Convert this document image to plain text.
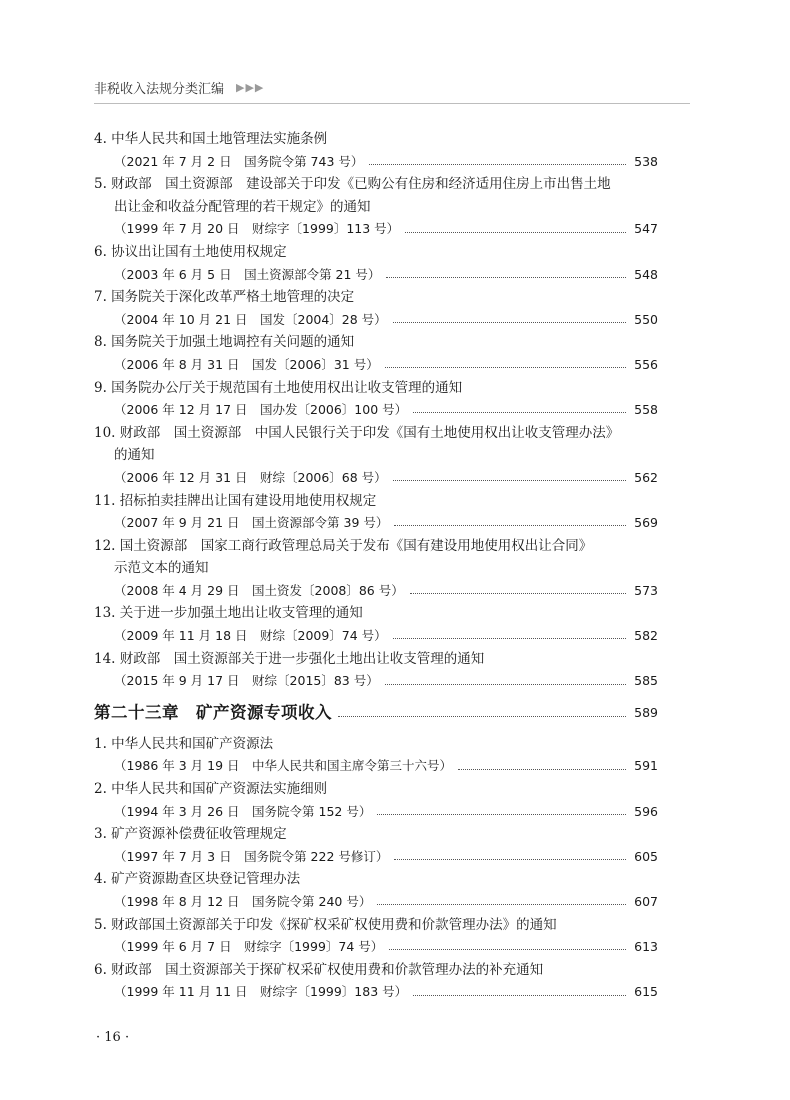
非税收入法规分类汇编 ▶▶▶
4. 中华人民共和国土地管理法实施条例
（2021 年 7 月 2 日　国务院令第 743 号）	538
5. 财政部　国土资源部　建设部关于印发《已购公有住房和经济适用住房上市出售土地
出让金和收益分配管理的若干规定》的通知
（1999 年 7 月 20 日　财综字〔1999〕113 号）	547
6. 协议出让国有土地使用权规定
（2003 年 6 月 5 日　国土资源部令第 21 号）	548
7. 国务院关于深化改革严格土地管理的决定
（2004 年 10 月 21 日　国发〔2004〕28 号）	550
8. 国务院关于加强土地调控有关问题的通知
（2006 年 8 月 31 日　国发〔2006〕31 号）	556
9. 国务院办公厅关于规范国有土地使用权出让收支管理的通知
（2006 年 12 月 17 日　国办发〔2006〕100 号）	558
10. 财政部　国土资源部　中国人民银行关于印发《国有土地使用权出让收支管理办法》
的通知
（2006 年 12 月 31 日　财综〔2006〕68 号）	562
11. 招标拍卖挂牌出让国有建设用地使用权规定
（2007 年 9 月 21 日　国土资源部令第 39 号）	569
12. 国土资源部　国家工商行政管理总局关于发布《国有建设用地使用权出让合同》
示范文本的通知
（2008 年 4 月 29 日　国土资发〔2008〕86 号）	573
13. 关于进一步加强土地出让收支管理的通知
（2009 年 11 月 18 日　财综〔2009〕74 号）	582
14. 财政部　国土资源部关于进一步强化土地出让收支管理的通知
（2015 年 9 月 17 日　财综〔2015〕83 号）	585
第二十三章　矿产资源专项收入	589
1. 中华人民共和国矿产资源法
（1986 年 3 月 19 日　中华人民共和国主席令第三十六号）	591
2. 中华人民共和国矿产资源法实施细则
（1994 年 3 月 26 日　国务院令第 152 号）	596
3. 矿产资源补偿费征收管理规定
（1997 年 7 月 3 日　国务院令第 222 号修订）	605
4. 矿产资源勘查区块登记管理办法
（1998 年 8 月 12 日　国务院令第 240 号）	607
5. 财政部国土资源部关于印发《探矿权采矿权使用费和价款管理办法》的通知
（1999 年 6 月 7 日　财综字〔1999〕74 号）	613
6. 财政部　国土资源部关于探矿权采矿权使用费和价款管理办法的补充通知
（1999 年 11 月 11 日　财综字〔1999〕183 号）	615
· 16 ·
